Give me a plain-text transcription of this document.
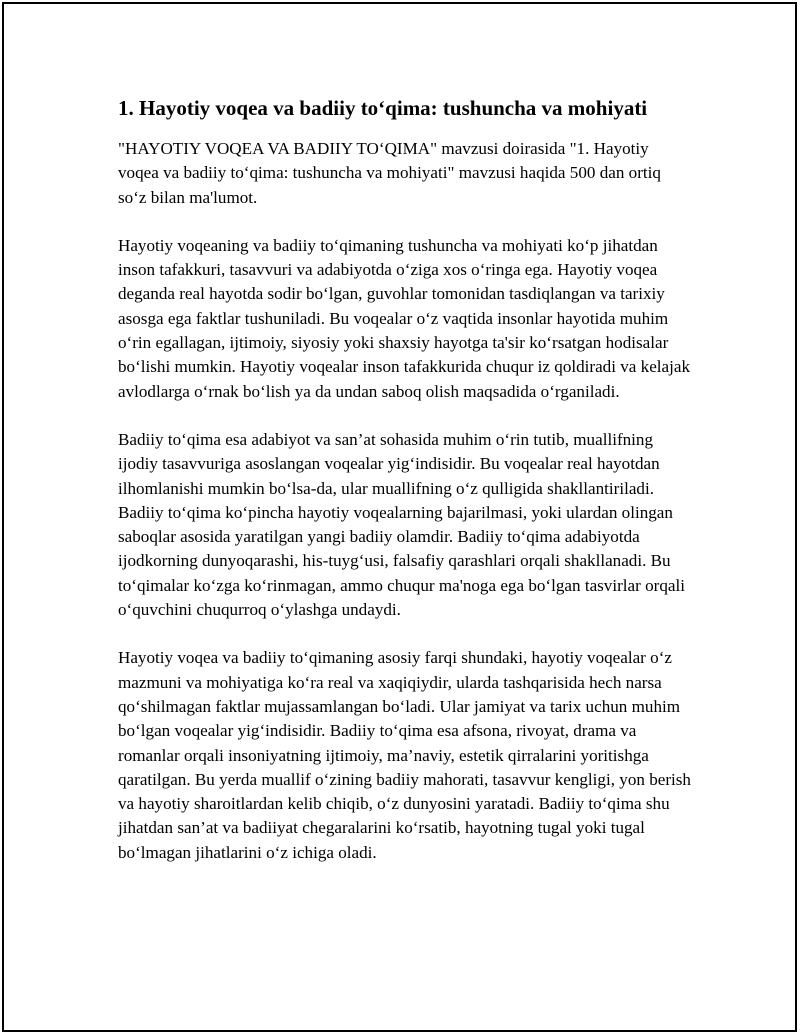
1. Hayotiy voqea va badiiy to‘qima: tushuncha va mohiyati

"HAYOTIY VOQEA VA BADIIY TO‘QIMA" mavzusi doirasida "1. Hayotiy voqea va badiiy to‘qima: tushuncha va mohiyati" mavzusi haqida 500 dan ortiq so‘z bilan ma'lumot.

Hayotiy voqeaning va badiiy to‘qimaning tushuncha va mohiyati ko‘p jihatdan inson tafakkuri, tasavvuri va adabiyotda o‘ziga xos o‘ringa ega. Hayotiy voqea deganda real hayotda sodir bo‘lgan, guvohlar tomonidan tasdiqlangan va tarixiy asosga ega faktlar tushuniladi. Bu voqealar o‘z vaqtida insonlar hayotida muhim o‘rin egallagan, ijtimoiy, siyosiy yoki shaxsiy hayotga ta'sir ko‘rsatgan hodisalar bo‘lishi mumkin. Hayotiy voqealar inson tafakkurida chuqur iz qoldiradi va kelajak avlodlarga o‘rnak bo‘lish ya da undan saboq olish maqsadida o‘rganiladi.

Badiiy to‘qima esa adabiyot va san’at sohasida muhim o‘rin tutib, muallifning ijodiy tasavvuriga asoslangan voqealar yig‘indisidir. Bu voqealar real hayotdan ilhomlanishi mumkin bo‘lsa-da, ular muallifning o‘z qulligida shakllantiriladi. Badiiy to‘qima ko‘pincha hayotiy voqealarning bajarilmasi, yoki ulardan olingan saboqlar asosida yaratilgan yangi badiiy olamdir. Badiiy to‘qima adabiyotda ijodkorning dunyoqarashi, his-tuyg‘usi, falsafiy qarashlari orqali shakllanadi. Bu to‘qimalar ko‘zga ko‘rinmagan, ammo chuqur ma'noga ega bo‘lgan tasvirlar orqali o‘quvchini chuqurroq o‘ylashga undaydi.

Hayotiy voqea va badiiy to‘qimaning asosiy farqi shundaki, hayotiy voqealar o‘z mazmuni va mohiyatiga ko‘ra real va xaqiqiydir, ularda tashqarisida hech narsa qo‘shilmagan faktlar mujassamlangan bo‘ladi. Ular jamiyat va tarix uchun muhim bo‘lgan voqealar yig‘indisidir. Badiiy to‘qima esa afsona, rivoyat, drama va romanlar orqali insoniyatning ijtimoiy, ma’naviy, estetik qirralarini yoritishga qaratilgan. Bu yerda muallif o‘zining badiiy mahorati, tasavvur kengligi, yon berish va hayotiy sharoitlardan kelib chiqib, o‘z dunyosini yaratadi. Badiiy to‘qima shu jihatdan san’at va badiiyat chegaralarini ko‘rsatib, hayotning tugal yoki tugal bo‘lmagan jihatlarini o‘z ichiga oladi.
